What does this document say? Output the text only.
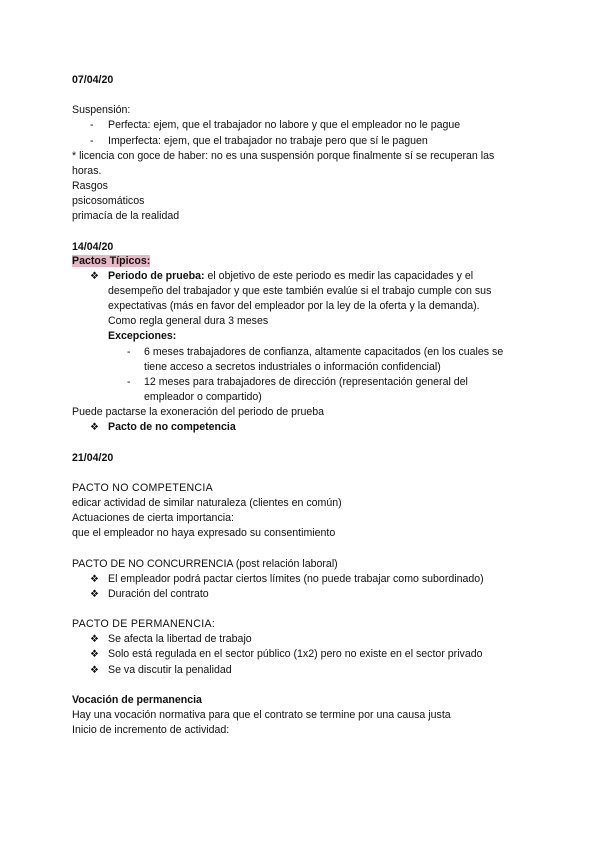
07/04/20
Suspensión:
- Perfecta: ejem, que el trabajador no labore y que el empleador no le pague
- Imperfecta: ejem, que el trabajador no trabaje pero que sí le paguen
* licencia con goce de haber: no es una suspensión porque finalmente sí se recuperan las
horas.
Rasgos
psicosomáticos
primacía de la realidad
14/04/20
Pactos Típicos:
❖ Periodo de prueba: el objetivo de este periodo es medir las capacidades y el
desempeño del trabajador y que este también evalúe si el trabajo cumple con sus
expectativas (más en favor del empleador por la ley de la oferta y la demanda).
Como regla general dura 3 meses
Excepciones:
- 6 meses trabajadores de confianza, altamente capacitados (en los cuales se
tiene acceso a secretos industriales o información confidencial)
- 12 meses para trabajadores de dirección (representación general del
empleador o compartido)
Puede pactarse la exoneración del periodo de prueba
❖ Pacto de no competencia
21/04/20
PACTO NO COMPETENCIA
edicar actividad de similar naturaleza (clientes en común)
Actuaciones de cierta importancia:
que el empleador no haya expresado su consentimiento
PACTO DE NO CONCURRENCIA (post relación laboral)
❖ El empleador podrá pactar ciertos límites (no puede trabajar como subordinado)
❖ Duración del contrato
PACTO DE PERMANENCIA:
❖ Se afecta la libertad de trabajo
❖ Solo está regulada en el sector público (1x2) pero no existe en el sector privado
❖ Se va discutir la penalidad
Vocación de permanencia
Hay una vocación normativa para que el contrato se termine por una causa justa
Inicio de incremento de actividad:
